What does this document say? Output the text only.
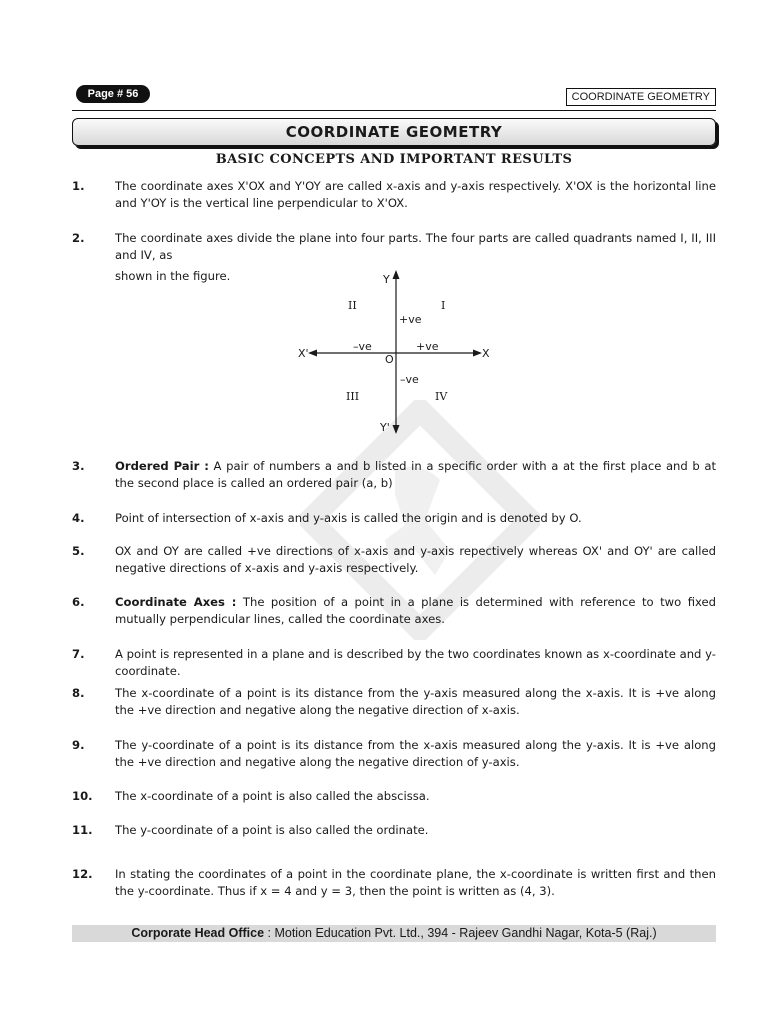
Page # 56	COORDINATE GEOMETRY
COORDINATE GEOMETRY
BASIC CONCEPTS AND IMPORTANT RESULTS
1.	The coordinate axes X'OX and Y'OY are called x-axis and y-axis respectively. X'OX is the horizontal line and Y'OY is the vertical line perpendicular to X'OX.
2.	The coordinate axes divide the plane into four parts. The four parts are called quadrants named I, II, III and IV, as
shown in the figure.	Y
Y'
X'	X
O
II	I
III	IV
+ve
–ve
–ve	+ve
3.	Ordered Pair : A pair of numbers a and b listed in a specific order with a at the first place and b at the second place is called an ordered pair (a, b)
4.	Point of intersection of x-axis and y-axis is called the origin and is denoted by O.
5.	OX and OY are called +ve directions of x-axis and y-axis repectively whereas OX' and OY' are called negative directions of x-axis and y-axis respectively.
6.	Coordinate Axes : The position of a point in a plane is determined with reference to two fixed mutually perpendicular lines, called the coordinate axes.
7.	A point is represented in a plane and is described by the two coordinates known as x-coordinate and y-coordinate.
8.	The x-coordinate of a point is its distance from the y-axis measured along the x-axis. It is +ve along the +ve direction and negative along the negative direction of x-axis.
9.	The y-coordinate of a point is its distance from the x-axis measured along the y-axis. It is +ve along the +ve direction and negative along the negative direction of y-axis.
10. The x-coordinate of a point is also called the abscissa.
11. The y-coordinate of a point is also called the ordinate.
12. In stating the coordinates of a point in the coordinate plane, the x-coordinate is written first and then the y-coordinate. Thus if x = 4 and y = 3, then the point is written as (4, 3).
Corporate Head Office : Motion Education Pvt. Ltd., 394 - Rajeev Gandhi Nagar, Kota-5 (Raj.)
